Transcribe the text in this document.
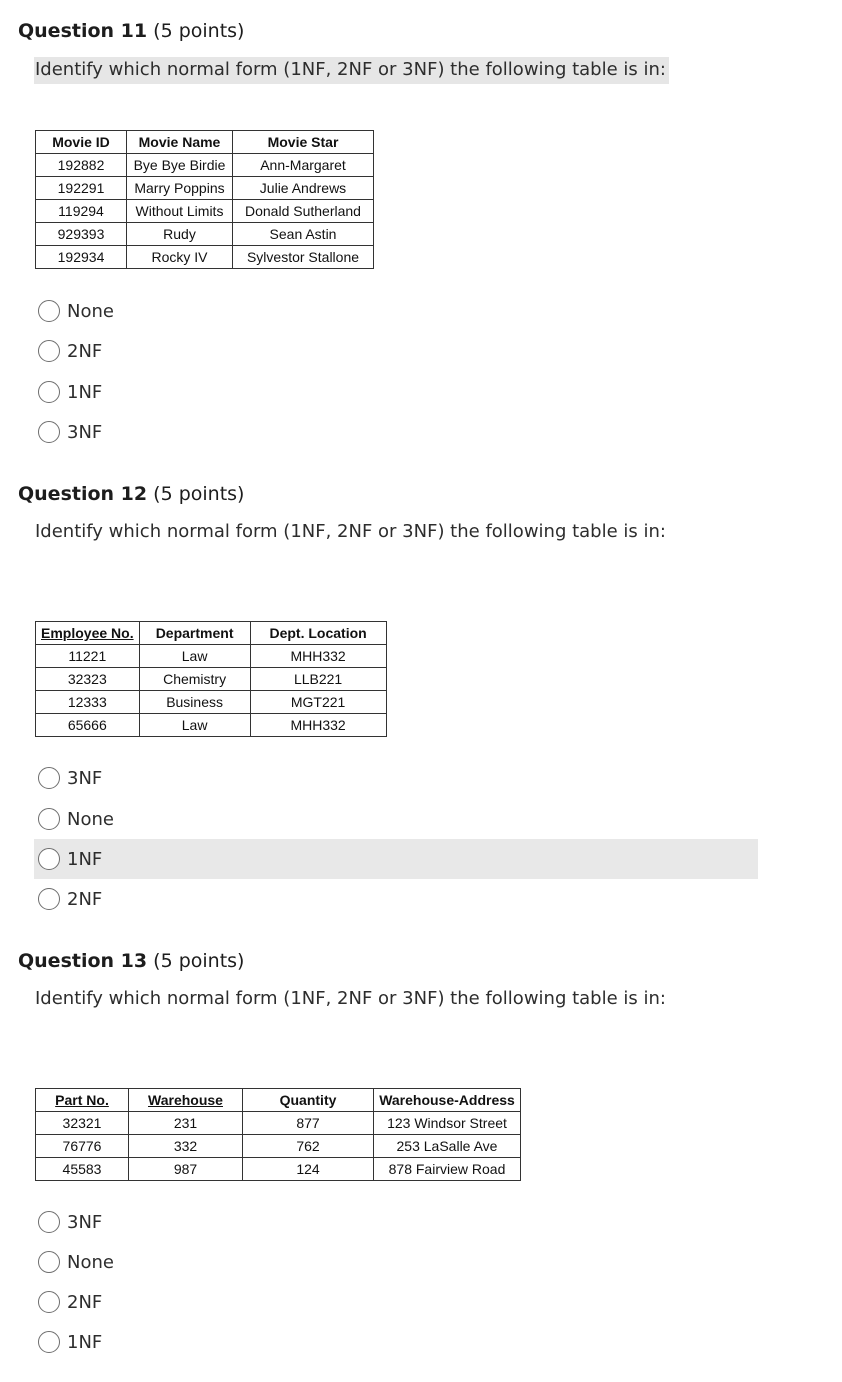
Question 11 (5 points)
Identify which normal form (1NF, 2NF or 3NF) the following table is in:
Movie ID	Movie Name	Movie Star
192882	Bye Bye Birdie	Ann-Margaret
192291	Marry Poppins	Julie Andrews
119294	Without Limits	Donald Sutherland
929393	Rudy	Sean Astin
192934	Rocky IV	Sylvestor Stallone
None
2NF
1NF
3NF
Question 12 (5 points)
Identify which normal form (1NF, 2NF or 3NF) the following table is in:
Employee No.	Department	Dept. Location
11221	Law	MHH332
32323	Chemistry	LLB221
12333	Business	MGT221
65666	Law	MHH332
3NF
None
1NF
2NF
Question 13 (5 points)
Identify which normal form (1NF, 2NF or 3NF) the following table is in:
Part No.	Warehouse	Quantity	Warehouse-Address
32321	231	877	123 Windsor Street
76776	332	762	253 LaSalle Ave
45583	987	124	878 Fairview Road
3NF
None
2NF
1NF
